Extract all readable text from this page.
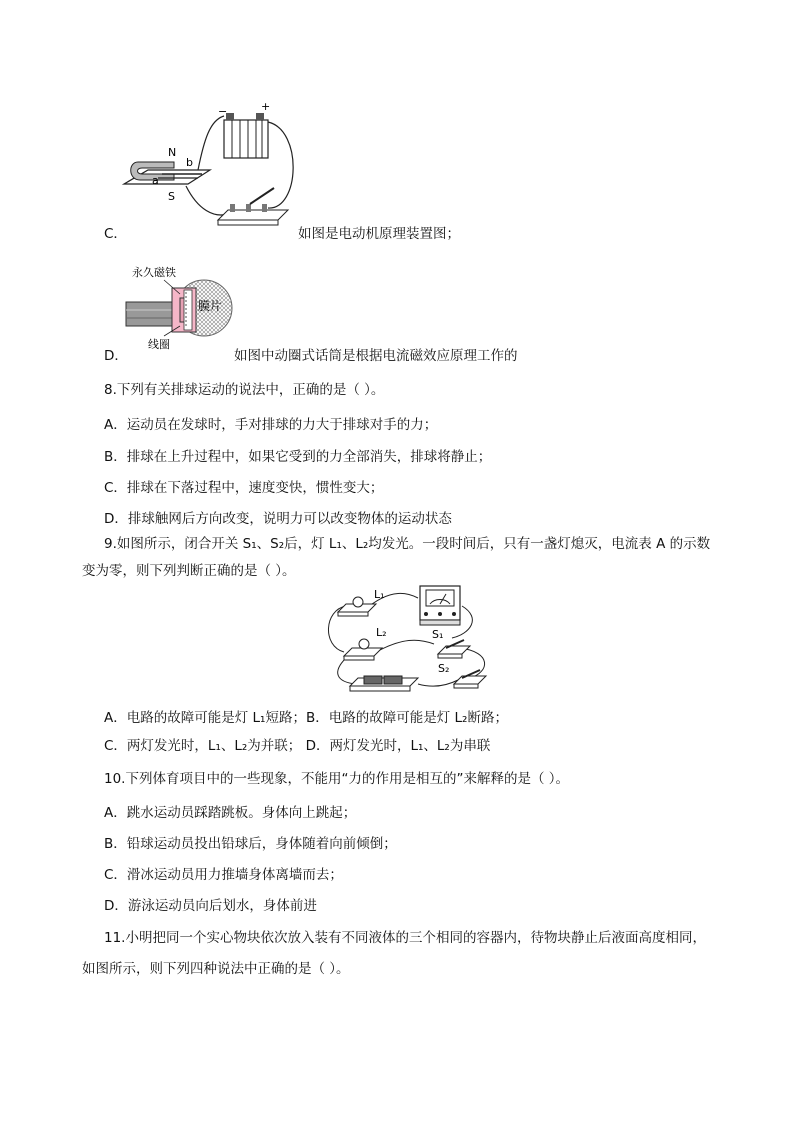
−	+
N
S
a
b
C．	如图是电动机原理装置图；
永久磁铁
膜片
线圈
D．	如图中动圈式话筒是根据电流磁效应原理工作的
8.下列有关排球运动的说法中，正确的是（ ）。
A．运动员在发球时，手对排球的力大于排球对手的力；
B．排球在上升过程中，如果它受到的力全部消失，排球将静止；
C．排球在下落过程中，速度变快，惯性变大；
D．排球触网后方向改变，说明力可以改变物体的运动状态
9.如图所示，闭合开关 S₁、S₂后，灯 L₁、L₂均发光。一段时间后，只有一盏灯熄灭，电流表 A 的示数
变为零，则下列判断正确的是（ ）。
L₁
L₂	S₁
S₂
A．电路的故障可能是灯 L₁短路；B．电路的故障可能是灯 L₂断路；
C．两灯发光时，L₁、L₂为并联； D．两灯发光时，L₁、L₂为串联
10.下列体育项目中的一些现象，不能用“力的作用是相互的”来解释的是（ ）。
A．跳水运动员踩踏跳板。身体向上跳起；
B．铅球运动员投出铅球后，身体随着向前倾倒；
C．滑冰运动员用力推墙身体离墙而去；
D．游泳运动员向后划水，身体前进
11.小明把同一个实心物块依次放入装有不同液体的三个相同的容器内，待物块静止后液面高度相同，
如图所示，则下列四种说法中正确的是（ ）。
